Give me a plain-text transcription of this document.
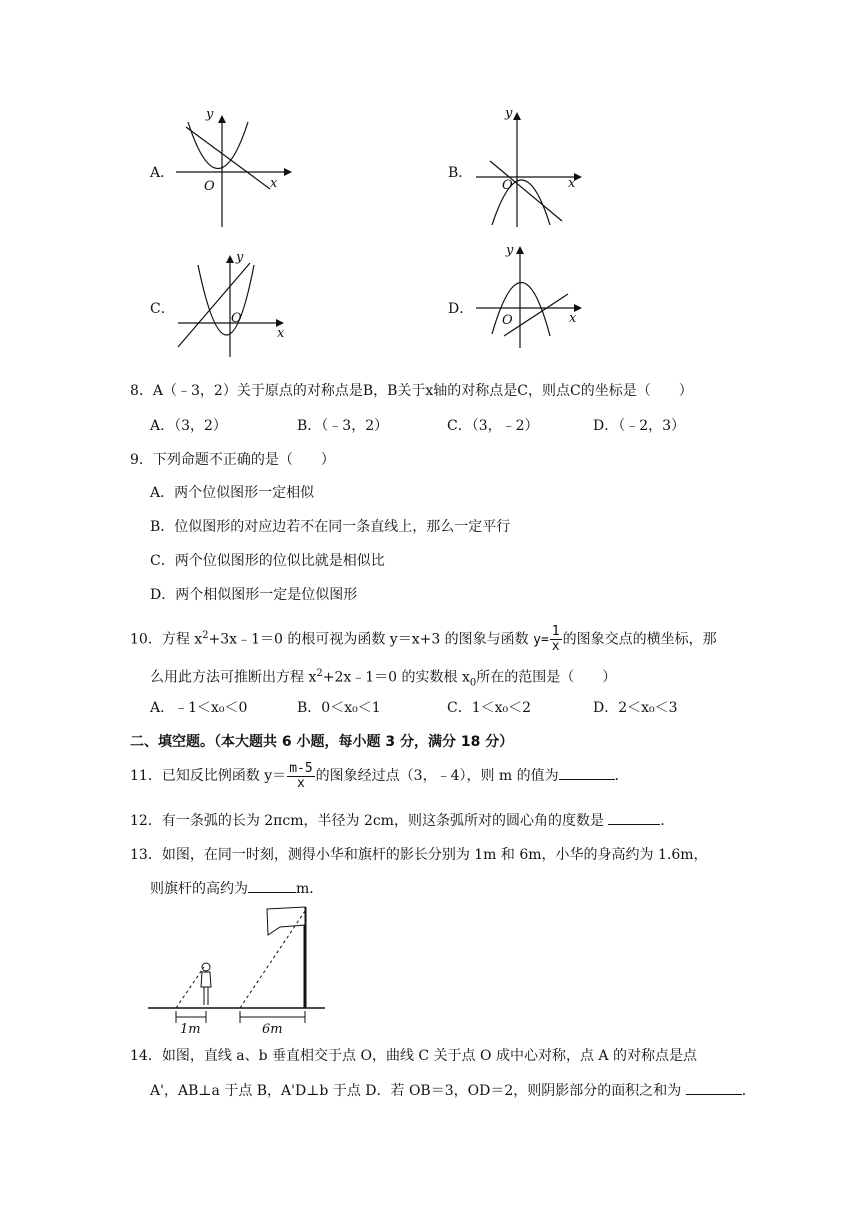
A．
y
x
O
B．
y
x
O
C．
y
x
O
D．
y
x
O
8．A（﹣3，2）关于原点的对称点是B，B关于x轴的对称点是C，则点C的坐标是（　　）
A．（3，2）	B．（﹣3，2）	C．（3，﹣2）	D．（﹣2，3）
9．下列命题不正确的是（　　）
A．两个位似图形一定相似
B．位似图形的对应边若不在同一条直线上，那么一定平行
C．两个位似图形的位似比就是相似比
D．两个相似图形一定是位似图形
10．方程 $x^2+3x﹣1=0$ 的根可视为函数 y＝x+3 的图象与函数 $y= \frac{1}{x}$ 的图象交点的横坐标，那
么用此方法可推断出方程 $x^2+2x﹣1=0$ 的实数根 $x_0$所在的范围是（　　）
A．﹣1＜x₀＜0	B．0＜x₀＜1	C．1＜x₀＜2	D．2＜x₀＜3
二、填空题。（本大题共 6 小题，每小题 3 分，满分 18 分）
11．已知反比例函数 $y= \frac{m-5}{x}$ 的图象经过点（3，﹣4），则 m 的值为	．
12．有一条弧的长为 2πcm，半径为 2cm，则这条弧所对的圆心角的度数是	．
13．如图，在同一时刻，测得小华和旗杆的影长分别为 1m 和 6m，小华的身高约为 1.6m，
则旗杆的高约为	m．
1m	6m
14．如图，直线 a、b 垂直相交于点 O，曲线 C 关于点 O 成中心对称，点 A 的对称点是点
A'，AB⊥a 于点 B，A'D⊥b 于点 D．若 OB＝3，OD＝2，则阴影部分的面积之和为	．
